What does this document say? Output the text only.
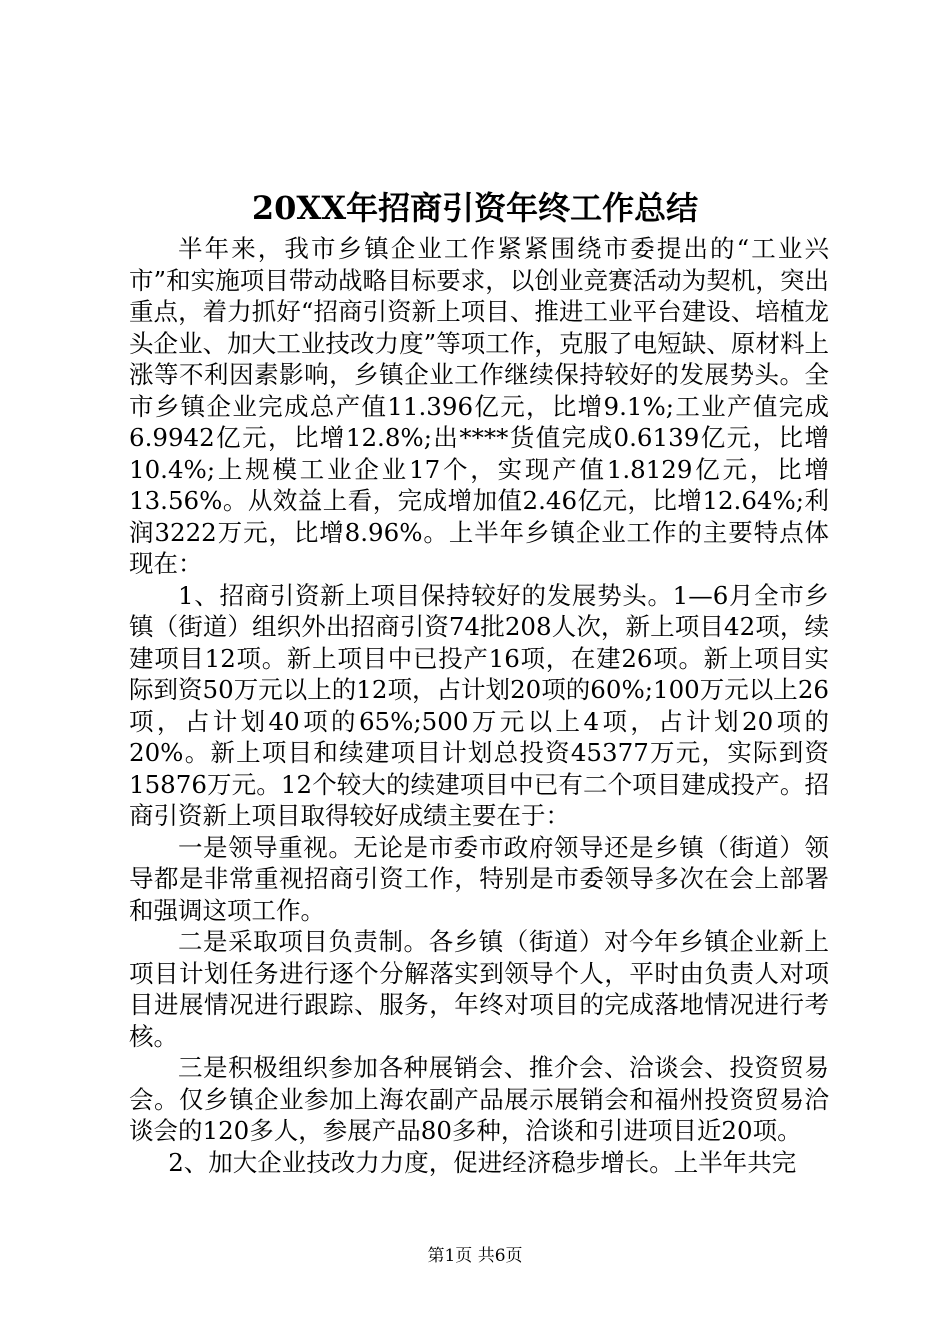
20XX年招商引资年终工作总结

半年来，我市乡镇企业工作紧紧围绕市委提出的“工业兴市”和实施项目带动战略目标要求，以创业竞赛活动为契机，突出重点，着力抓好“招商引资新上项目、推进工业平台建设、培植龙头企业、加大工业技改力度”等项工作，克服了电短缺、原材料上涨等不利因素影响，乡镇企业工作继续保持较好的发展势头。全市乡镇企业完成总产值11.396亿元，比增9.1%;工业产值完成6.9942亿元，比增12.8%;出****货值完成0.6139亿元，比增10.4%;上规模工业企业17个，实现产值1.8129亿元，比增13.56%。从效益上看，完成增加值2.46亿元，比增12.64%;利润3222万元，比增8.96%。上半年乡镇企业工作的主要特点体现在：

1、招商引资新上项目保持较好的发展势头。1—6月全市乡镇（街道）组织外出招商引资74批208人次，新上项目42项，续建项目12项。新上项目中已投产16项，在建26项。新上项目实际到资50万元以上的12项，占计划20项的60%;100万元以上26项，占计划40项的65%;500万元以上4项，占计划20项的20%。新上项目和续建项目计划总投资45377万元，实际到资15876万元。12个较大的续建项目中已有二个项目建成投产。招商引资新上项目取得较好成绩主要在于：

一是领导重视。无论是市委市政府领导还是乡镇（街道）领导都是非常重视招商引资工作，特别是市委领导多次在会上部署和强调这项工作。

二是采取项目负责制。各乡镇（街道）对今年乡镇企业新上项目计划任务进行逐个分解落实到领导个人，平时由负责人对项目进展情况进行跟踪、服务，年终对项目的完成落地情况进行考核。

三是积极组织参加各种展销会、推介会、洽谈会、投资贸易会。仅乡镇企业参加上海农副产品展示展销会和福州投资贸易洽谈会的120多人，参展产品80多种，洽谈和引进项目近20项。

2、加大企业技改力力度，促进经济稳步增长。上半年共完

第1页 共6页
